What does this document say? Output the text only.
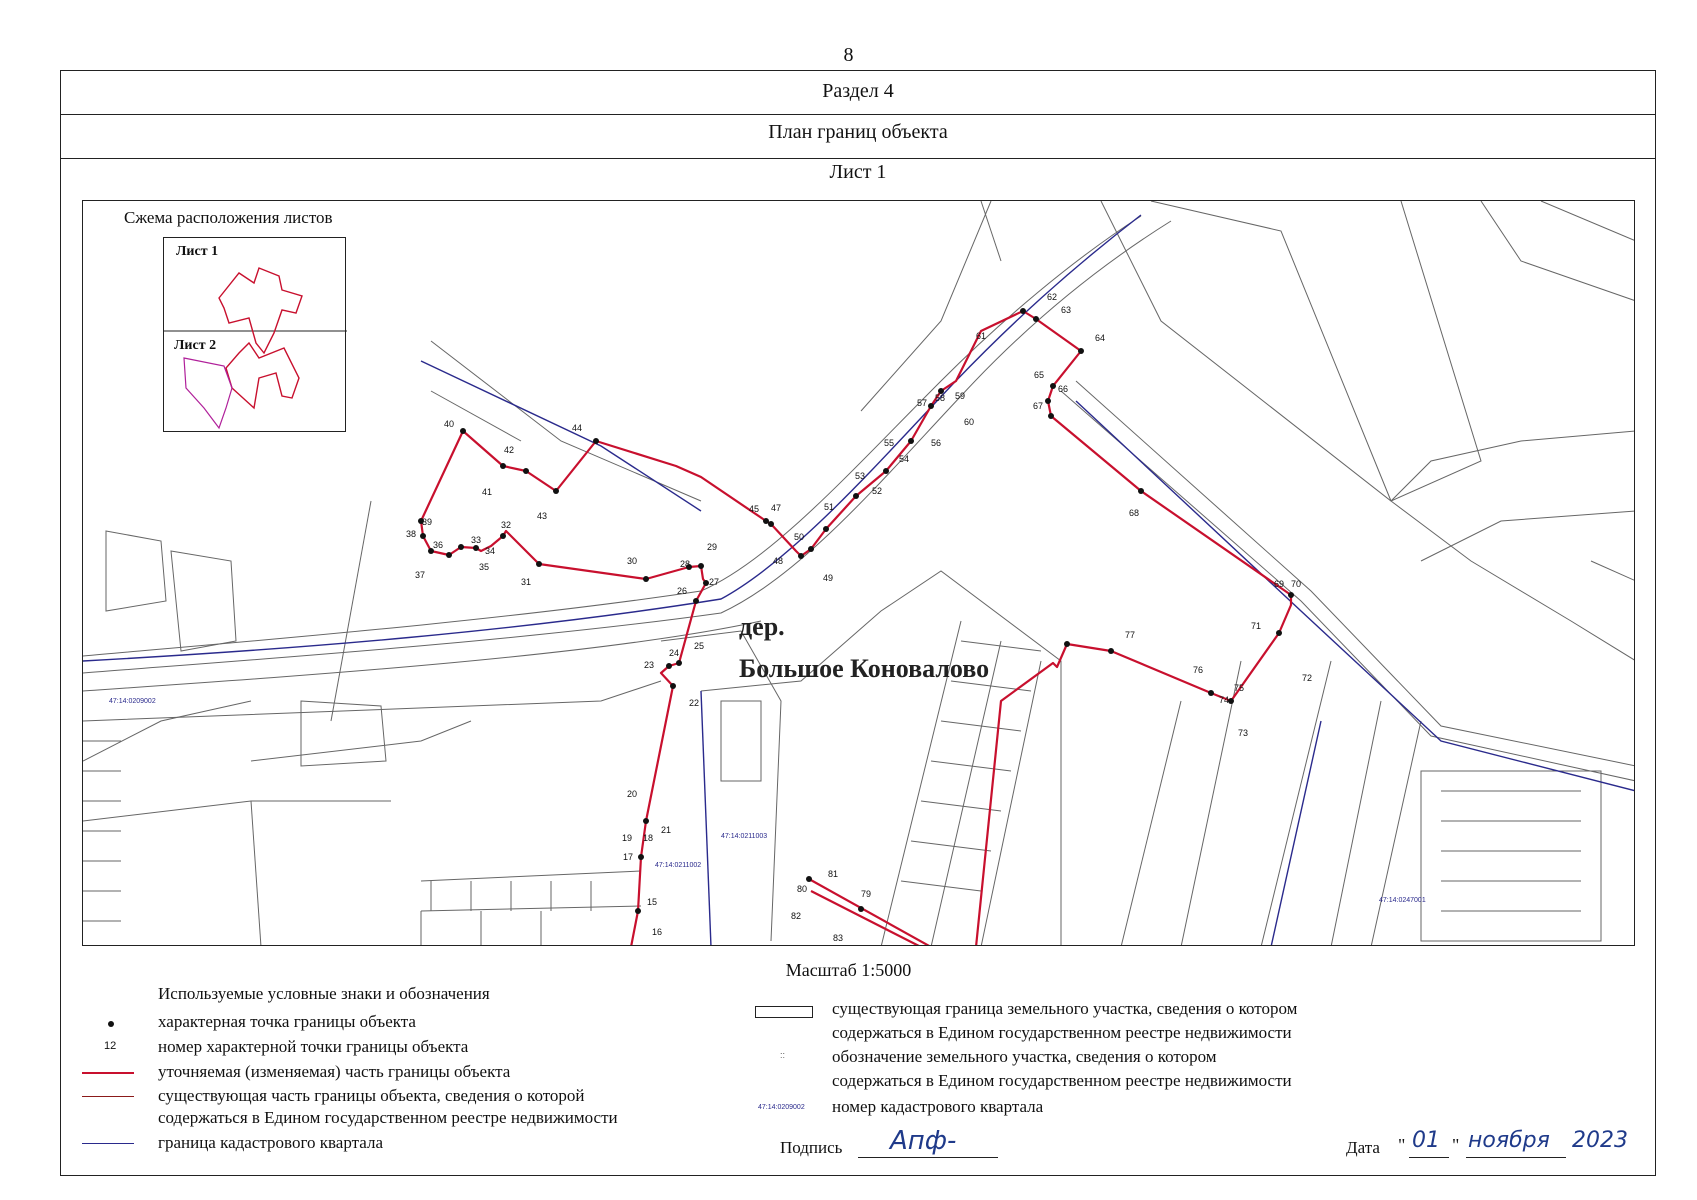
8
Раздел 4
План границ объекта
Лист 1
15
16
17
18
19
20
21
22
23
24
25
26
27
28
29
30
31
32
33
34
35
36
37
38
39
40
41
42
43
44
45 47
48
49
50
51
52
53
54
55	56
57 58 59
60
61
62
63
64
65
66
67
68
69 70
71
72
73
74
75
76
77
79
80
81
82
83
47:14:0209002
47:14:0211002
47:14:0211003
47:14:0247001
дер.
Большое Коновалово
Лист 1
Лист 2
Сжема расположения листов
Масштаб 1:5000
Используемые условные знаки и обозначения
характерная точка границы объекта
12 номер характерной точки границы объекта
уточняемая (изменяемая) часть границы объекта
существующая часть границы объекта, сведения о которой
содержаться в Едином государственном реестре недвижимости
граница кадастрового квартала
существующая граница земельного участка, сведения о котором
содержаться в Едином государственном реестре недвижимости
::	обозначение земельного участка, сведения о котором
содержаться в Едином государственном реестре недвижимости
47:14:0209002 номер кадастрового квартала
Подпись Апф-	Дата " 01 " ноября 2023
